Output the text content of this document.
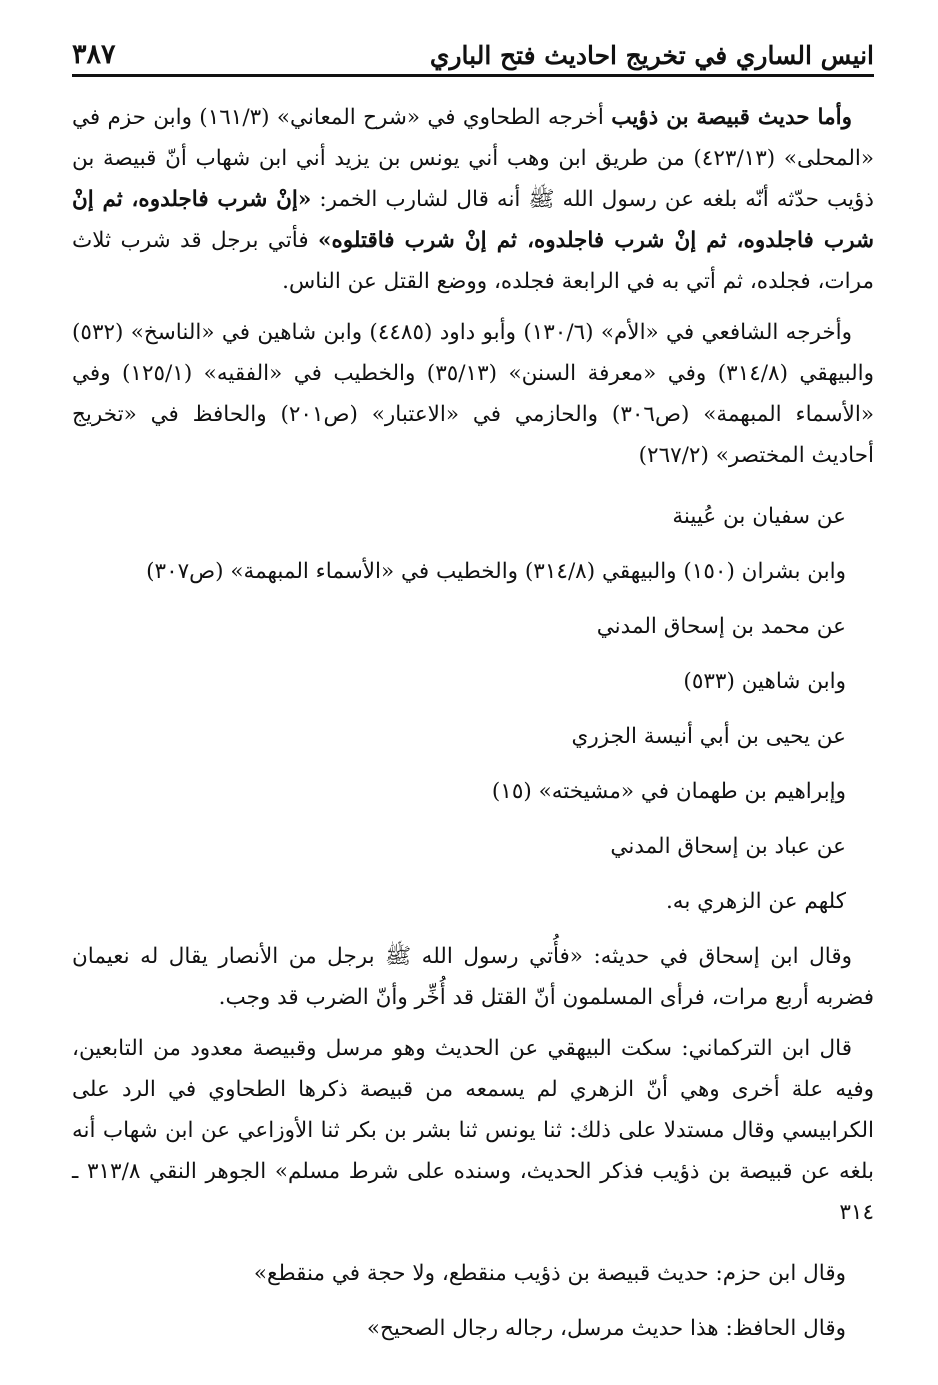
انيس الساري في تخريج احاديث فتح الباري
٣٨٧

وأما حديث قبيصة بن ذؤيب أخرجه الطحاوي في «شرح المعاني» (١٦١/٣) وابن حزم في «المحلى» (٤٢٣/١٣) من طريق ابن وهب أني يونس بن يزيد أني ابن شهاب أنّ قبيصة بن ذؤيب حدّثه أنّه بلغه عن رسول الله ﷺ أنه قال لشارب الخمر: «إنْ شرب فاجلدوه، ثم إنْ شرب فاجلدوه، ثم إنْ شرب فاجلدوه، ثم إنْ شرب فاقتلوه» فأتي برجل قد شرب ثلاث مرات، فجلده، ثم أتي به في الرابعة فجلده، ووضع القتل عن الناس.

وأخرجه الشافعي في «الأم» (١٣٠/٦) وأبو داود (٤٤٨٥) وابن شاهين في «الناسخ» (٥٣٢) والبيهقي (٣١٤/٨) وفي «معرفة السنن» (٣٥/١٣) والخطيب في «الفقيه» (١٢٥/١) وفي «الأسماء المبهمة» (ص٣٠٦) والحازمي في «الاعتبار» (ص٢٠١) والحافظ في «تخريج أحاديث المختصر» (٢٦٧/٢)

عن سفيان بن عُيينة
وابن بشران (١٥٠) والبيهقي (٣١٤/٨) والخطيب في «الأسماء المبهمة» (ص٣٠٧)
عن محمد بن إسحاق المدني
وابن شاهين (٥٣٣)
عن يحيى بن أبي أنيسة الجزري
وإبراهيم بن طهمان في «مشيخته» (١٥)
عن عباد بن إسحاق المدني
كلهم عن الزهري به.

وقال ابن إسحاق في حديثه: «فأُتي رسول الله ﷺ برجل من الأنصار يقال له نعيمان فضربه أربع مرات، فرأى المسلمون أنّ القتل قد أُخِّر وأنّ الضرب قد وجب.

قال ابن التركماني: سكت البيهقي عن الحديث وهو مرسل وقبيصة معدود من التابعين، وفيه علة أخرى وهي أنّ الزهري لم يسمعه من قبيصة ذكرها الطحاوي في الرد على الكرابيسي وقال مستدلا على ذلك: ثنا يونس ثنا بشر بن بكر ثنا الأوزاعي عن ابن شهاب أنه بلغه عن قبيصة بن ذؤيب فذكر الحديث، وسنده على شرط مسلم» الجوهر النقي ٣١٣/٨ ـ ٣١٤

وقال ابن حزم: حديث قبيصة بن ذؤيب منقطع، ولا حجة في منقطع»
وقال الحافظ: هذا حديث مرسل، رجاله رجال الصحيح»
